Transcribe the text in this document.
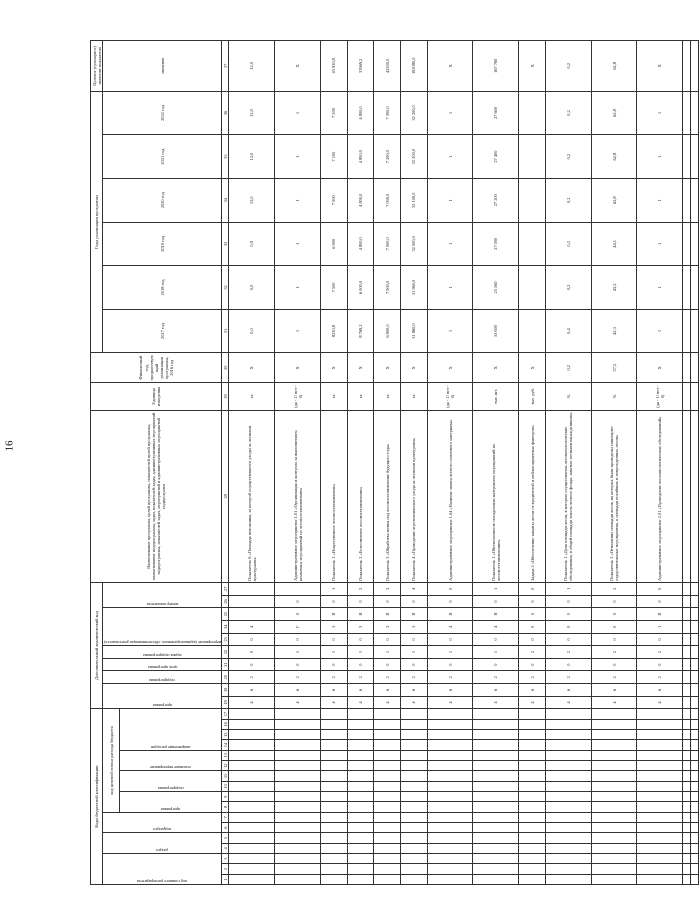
16
Коды бюджетной классификации																	Дополнительный аналитический код										Наименование программы, целей программы, показателей целей программы, наименование подпрограммы, задач, показателей задач, административных мероприятий подпрограммы, показателей задач, мероприятий и административных мероприятий подпрограмм	Единица измерения	Финансовый год, предшествующий реализации программы, 2016 год	Годы реализации программы						Целевое (суммарное) значение показателя

код главного распорядителя			раздел		подраздел		код целевой статьи расхода бюджета										программа		подпрограмма	цель программы	задача подпрограммы	мероприятие (административное, обеспечивающая деятельность)			номер показателя					2017 год	2018 год	2019 год	2020 год	2021 год	2022 год	значение

							программа		подпрограмма		основное мероприятие		направление расходов																							

1	2	3	4	5	6	7	8	9	10	11	12	13	14	15	16	17	18	19	20	21	22	23	24	25	26	27	28	29	30	31	32	33	34	35	36	37
																	4	6	2	0	0	0	4				Показатель 6 «Площадь питомника, за которой осуществляются уходы за лесными культурами»	га	Х	0,0	0,0	0,9	12,0	12,0	12,0	12,0
																	4	6	2	0	1	0	Г	0	0		Административное мероприятие 1.01 «Организация и контроль за выполнением комплекса мероприятий по лесовосстановлению»	(да - 1/ нет - 0)	Х	1	1	1	1	1	1	Х
																	4	6	2	0	1	0	3	Я	0	1	Показатель 1 «Искусственное лесовосстановление»	га	Х	8230,8	7 500	6 900	7 000	7 100	7 200	43 930,8
																	4	6	2	0	1	0	3	Я	0	2	Показатель 2 «Естественное лесовосстановление»	га	Х	8 769,2	6 000,0	4 800,0	4 800,0	4 800,0	4 800,0	33969,2
																	4	6	2	0	1	0	3	Я	0	3	Показатель 3 «Обработка почвы под лесовосстановление будущего года»	га	Х	6 800,0	7 000,0	7 000,0	7 000,0	7 200,0	7 300,0	42300,0
																	4	6	2	0	1	0	3	Я	0	4	Показатель 4 «Проведение агротехнического ухода за лесными культурами»	га	Х	31 860,0	31 960,0	32 000,0	32 100,0	32 200,0	32 200,0	192080,0
																	4	6	2	0	1	0	4	Я	0	0	Административное мероприятие 1.04 «Наличие запаса лесного семенного материала»	(да - 1/ нет - 0)	Х	1	1	1	1	1	1	Х
																	4	6	2	0	1	0	4	Я	0	1	Показатель 1 «Обеспеченность посадочным материалом мероприятий по лесовосстановлению»	тыс. шт.	Х	33 600	25 560	27 000	27 200	27 400	27 600	167 760
																	4	6	2	0	2	0	0	0	0	0	Задача 2 «Обеспечение защиты лесов от вредителей и неблагоприятных факторов»	тыс. руб.	Х							Х
																	4	6	2	0	2	0	0	0	0	1	Показатель 1 «Доля площади лесов, в которых осуществлены лесопатологические обследования, в общей площади земель лесного фонда, занятых лесными насаждениями»	%	0,2	0,4	0,2	0,2	0,2	0,2	0,2	0,2
																	4	6	2	0	2	0	0	0	0	2	Показатель 2 «Отношение площади лесов, на которых были проведены санитарно-оздоровительные мероприятия, к площади погибших и поврежденных лесов»	%	37,5	42,3	43,2	44,1	62,8	62,8	62,8	62,8
																	4	6	2	0	2	0	1	Я	0	0	Административное мероприятие 2.01 «Проведение лесопатологических обследований»	(да - 1/ нет - 0)	Х	1	1	1	1	1	1	Х
